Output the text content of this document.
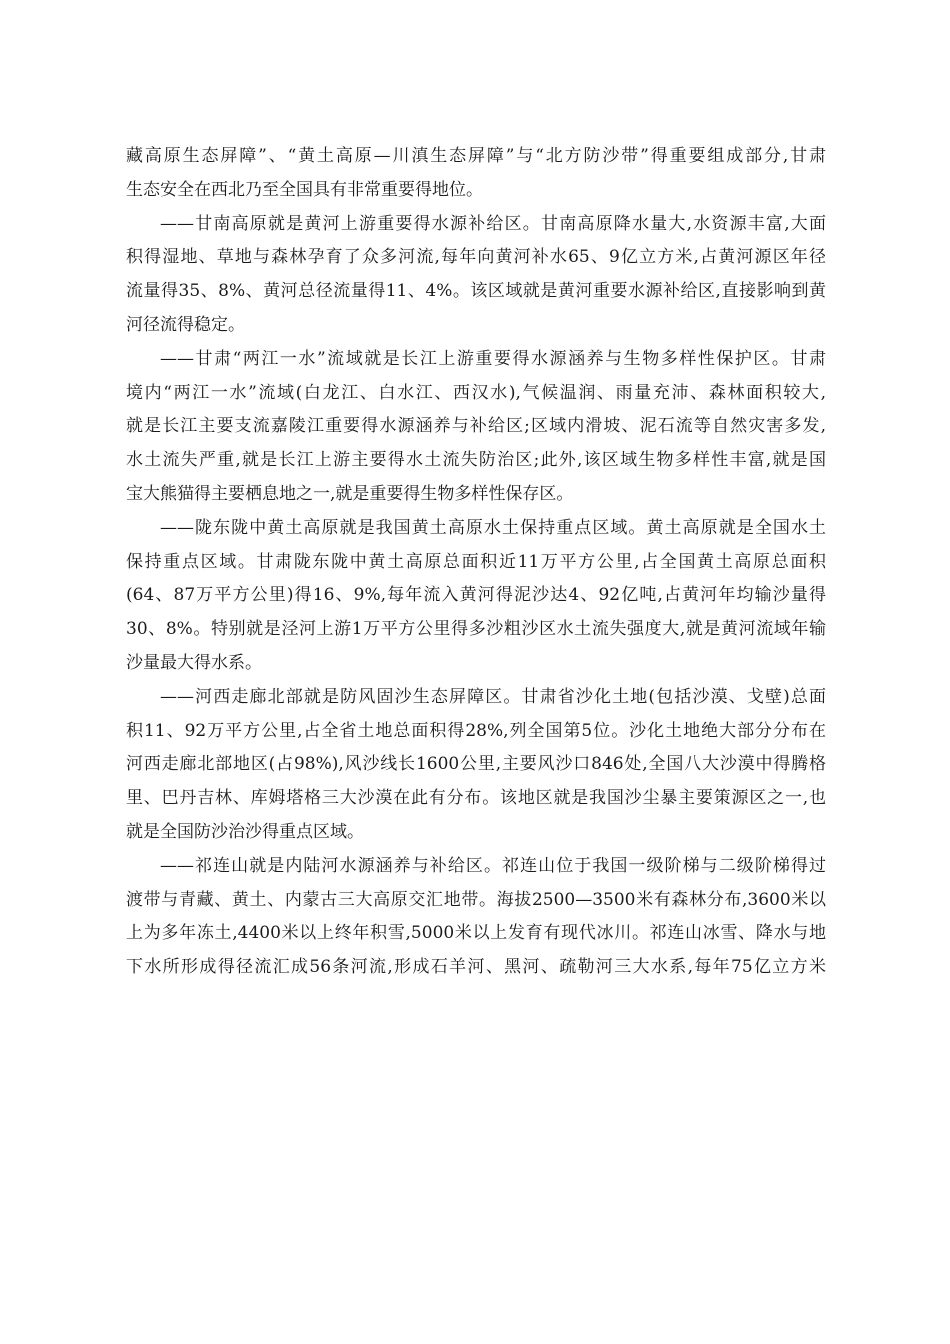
藏高原生态屏障”、“黄土高原—川滇生态屏障”与“北方防沙带”得重要组成部分,甘肃
生态安全在西北乃至全国具有非常重要得地位。
——甘南高原就是黄河上游重要得水源补给区。甘南高原降水量大,水资源丰富,大面
积得湿地、草地与森林孕育了众多河流,每年向黄河补水65、9亿立方米,占黄河源区年径
流量得35、8%、黄河总径流量得11、4%。该区域就是黄河重要水源补给区,直接影响到黄
河径流得稳定。
——甘肃“两江一水”流域就是长江上游重要得水源涵养与生物多样性保护区。甘肃
境内“两江一水”流域(白龙江、白水江、西汉水),气候温润、雨量充沛、森林面积较大,
就是长江主要支流嘉陵江重要得水源涵养与补给区;区域内滑坡、泥石流等自然灾害多发,
水土流失严重,就是长江上游主要得水土流失防治区;此外,该区域生物多样性丰富,就是国
宝大熊猫得主要栖息地之一,就是重要得生物多样性保存区。
——陇东陇中黄土高原就是我国黄土高原水土保持重点区域。黄土高原就是全国水土
保持重点区域。甘肃陇东陇中黄土高原总面积近11万平方公里,占全国黄土高原总面积
(64、87万平方公里)得16、9%,每年流入黄河得泥沙达4、92亿吨,占黄河年均输沙量得
30、8%。特别就是泾河上游1万平方公里得多沙粗沙区水土流失强度大,就是黄河流域年输
沙量最大得水系。
——河西走廊北部就是防风固沙生态屏障区。甘肃省沙化土地(包括沙漠、戈壁)总面
积11、92万平方公里,占全省土地总面积得28%,列全国第5位。沙化土地绝大部分分布在
河西走廊北部地区(占98%),风沙线长1600公里,主要风沙口846处,全国八大沙漠中得腾格
里、巴丹吉林、库姆塔格三大沙漠在此有分布。该地区就是我国沙尘暴主要策源区之一,也
就是全国防沙治沙得重点区域。
——祁连山就是内陆河水源涵养与补给区。祁连山位于我国一级阶梯与二级阶梯得过
渡带与青藏、黄土、内蒙古三大高原交汇地带。海拔2500—3500米有森林分布,3600米以
上为多年冻土,4400米以上终年积雪,5000米以上发育有现代冰川。祁连山冰雪、降水与地
下水所形成得径流汇成56条河流,形成石羊河、黑河、疏勒河三大水系,每年75亿立方米
